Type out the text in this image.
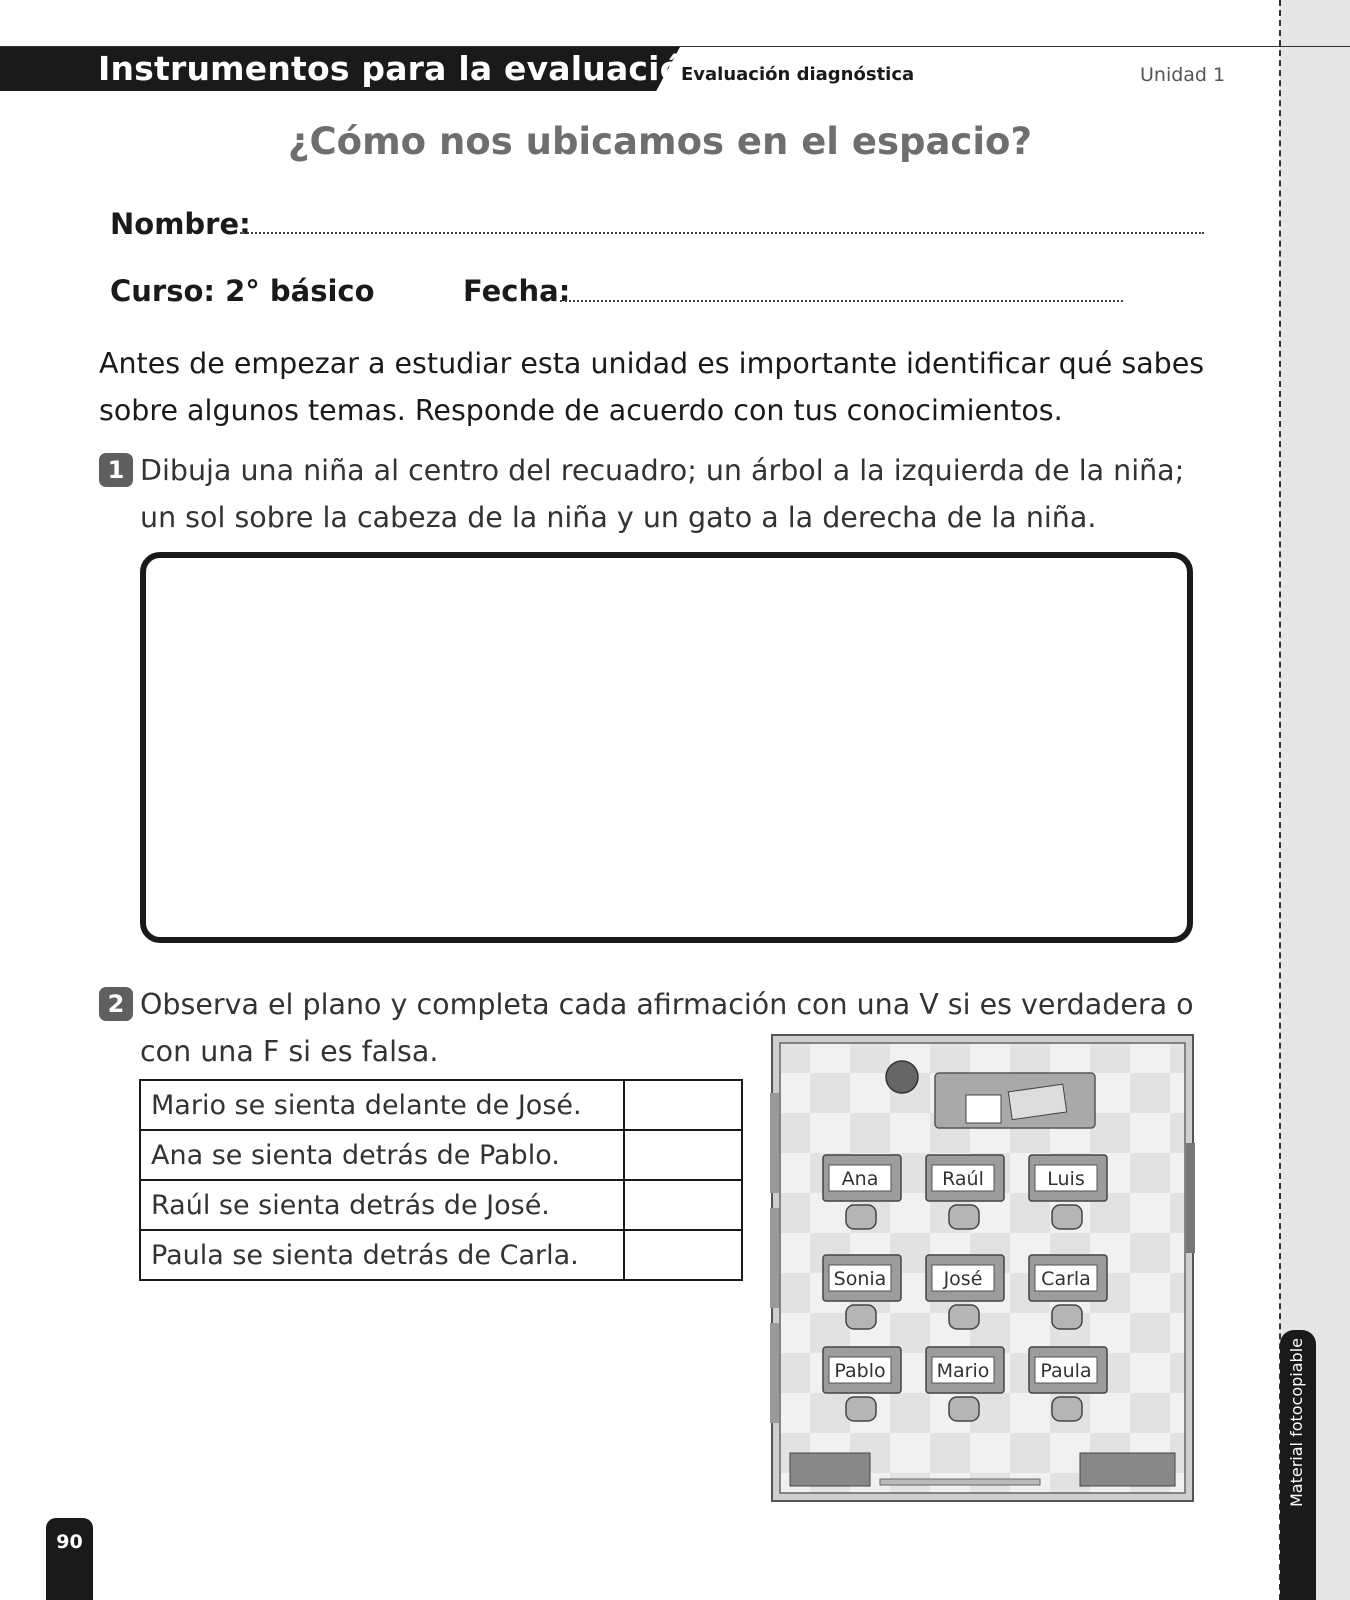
Instrumentos para la evaluación
Evaluación diagnóstica	Unidad 1
¿Cómo nos ubicamos en el espacio?
Nombre:
Curso: 2° básico	Fecha:
Antes de empezar a estudiar esta unidad es importante identificar qué sabes sobre algunos temas. Responde de acuerdo con tus conocimientos.
1 Dibuja una niña al centro del recuadro; un árbol a la izquierda de la niña; un sol sobre la cabeza de la niña y un gato a la derecha de la niña.
2 Observa el plano y completa cada afirmación con una V si es verdadera o con una F si es falsa.
Mario se sienta delante de José.	
Ana se sienta detrás de Pablo.	
Raúl se sienta detrás de José.	
Paula se sienta detrás de Carla.	
Ana	Raúl	Luis
Sonia	José	Carla
Pablo	Mario	Paula	Material fotocopiable
90
